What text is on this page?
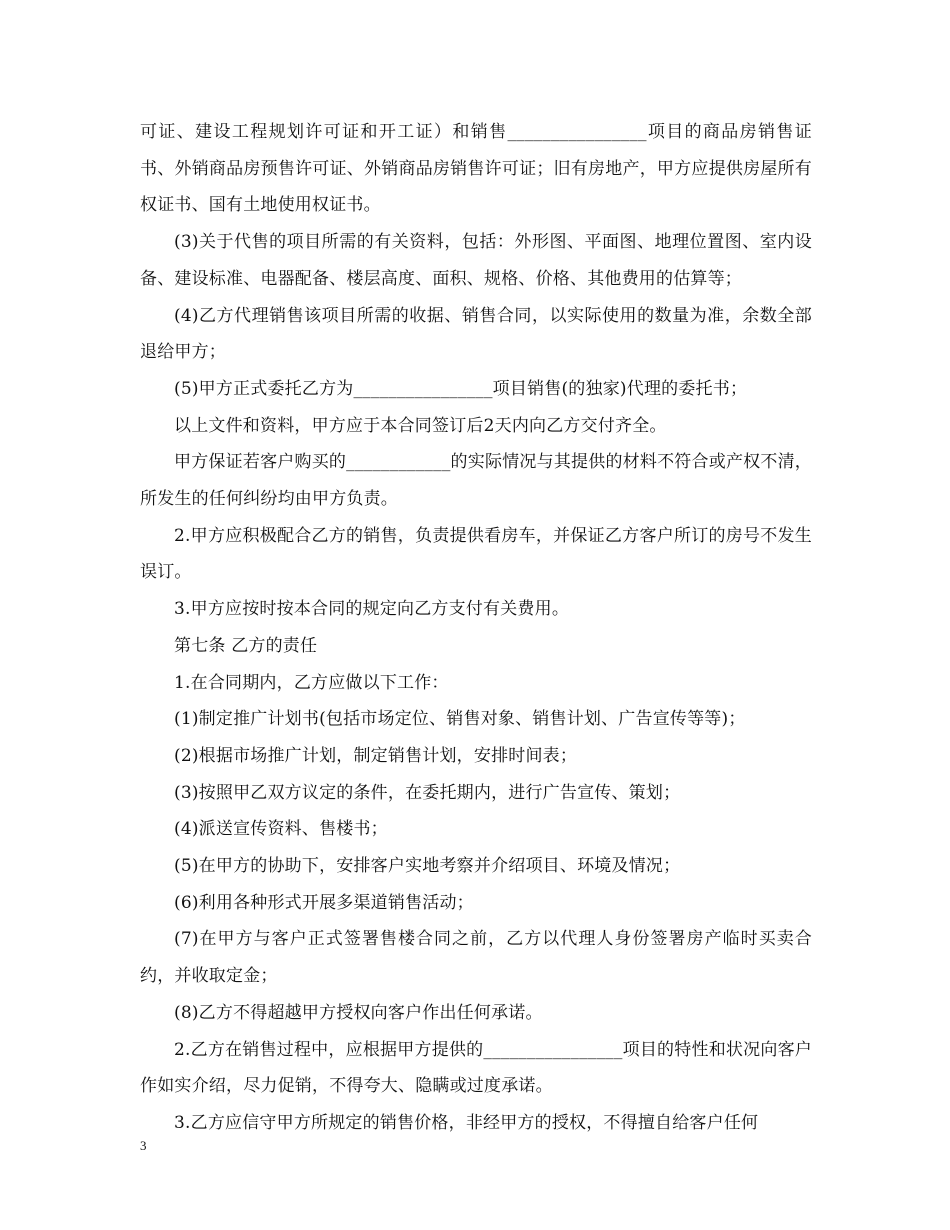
可证、建设工程规划许可证和开工证）和销售________________项目的商品房销售证书、外销商品房预售许可证、外销商品房销售许可证；旧有房地产，甲方应提供房屋所有权证书、国有土地使用权证书。

(3)关于代售的项目所需的有关资料，包括：外形图、平面图、地理位置图、室内设备、建设标准、电器配备、楼层高度、面积、规格、价格、其他费用的估算等；

(4)乙方代理销售该项目所需的收据、销售合同，以实际使用的数量为准，余数全部退给甲方；

(5)甲方正式委托乙方为________________项目销售(的独家)代理的委托书；

以上文件和资料，甲方应于本合同签订后2天内向乙方交付齐全。

甲方保证若客户购买的____________的实际情况与其提供的材料不符合或产权不清，所发生的任何纠纷均由甲方负责。

2.甲方应积极配合乙方的销售，负责提供看房车，并保证乙方客户所订的房号不发生误订。

3.甲方应按时按本合同的规定向乙方支付有关费用。

第七条 乙方的责任

1.在合同期内，乙方应做以下工作：

(1)制定推广计划书(包括市场定位、销售对象、销售计划、广告宣传等等)；

(2)根据市场推广计划，制定销售计划，安排时间表；

(3)按照甲乙双方议定的条件，在委托期内，进行广告宣传、策划；

(4)派送宣传资料、售楼书；

(5)在甲方的协助下，安排客户实地考察并介绍项目、环境及情况；

(6)利用各种形式开展多渠道销售活动；

(7)在甲方与客户正式签署售楼合同之前，乙方以代理人身份签署房产临时买卖合约，并收取定金；

(8)乙方不得超越甲方授权向客户作出任何承诺。

2.乙方在销售过程中，应根据甲方提供的________________项目的特性和状况向客户作如实介绍，尽力促销，不得夸大、隐瞒或过度承诺。

3.乙方应信守甲方所规定的销售价格，非经甲方的授权，不得擅自给客户任何

3
